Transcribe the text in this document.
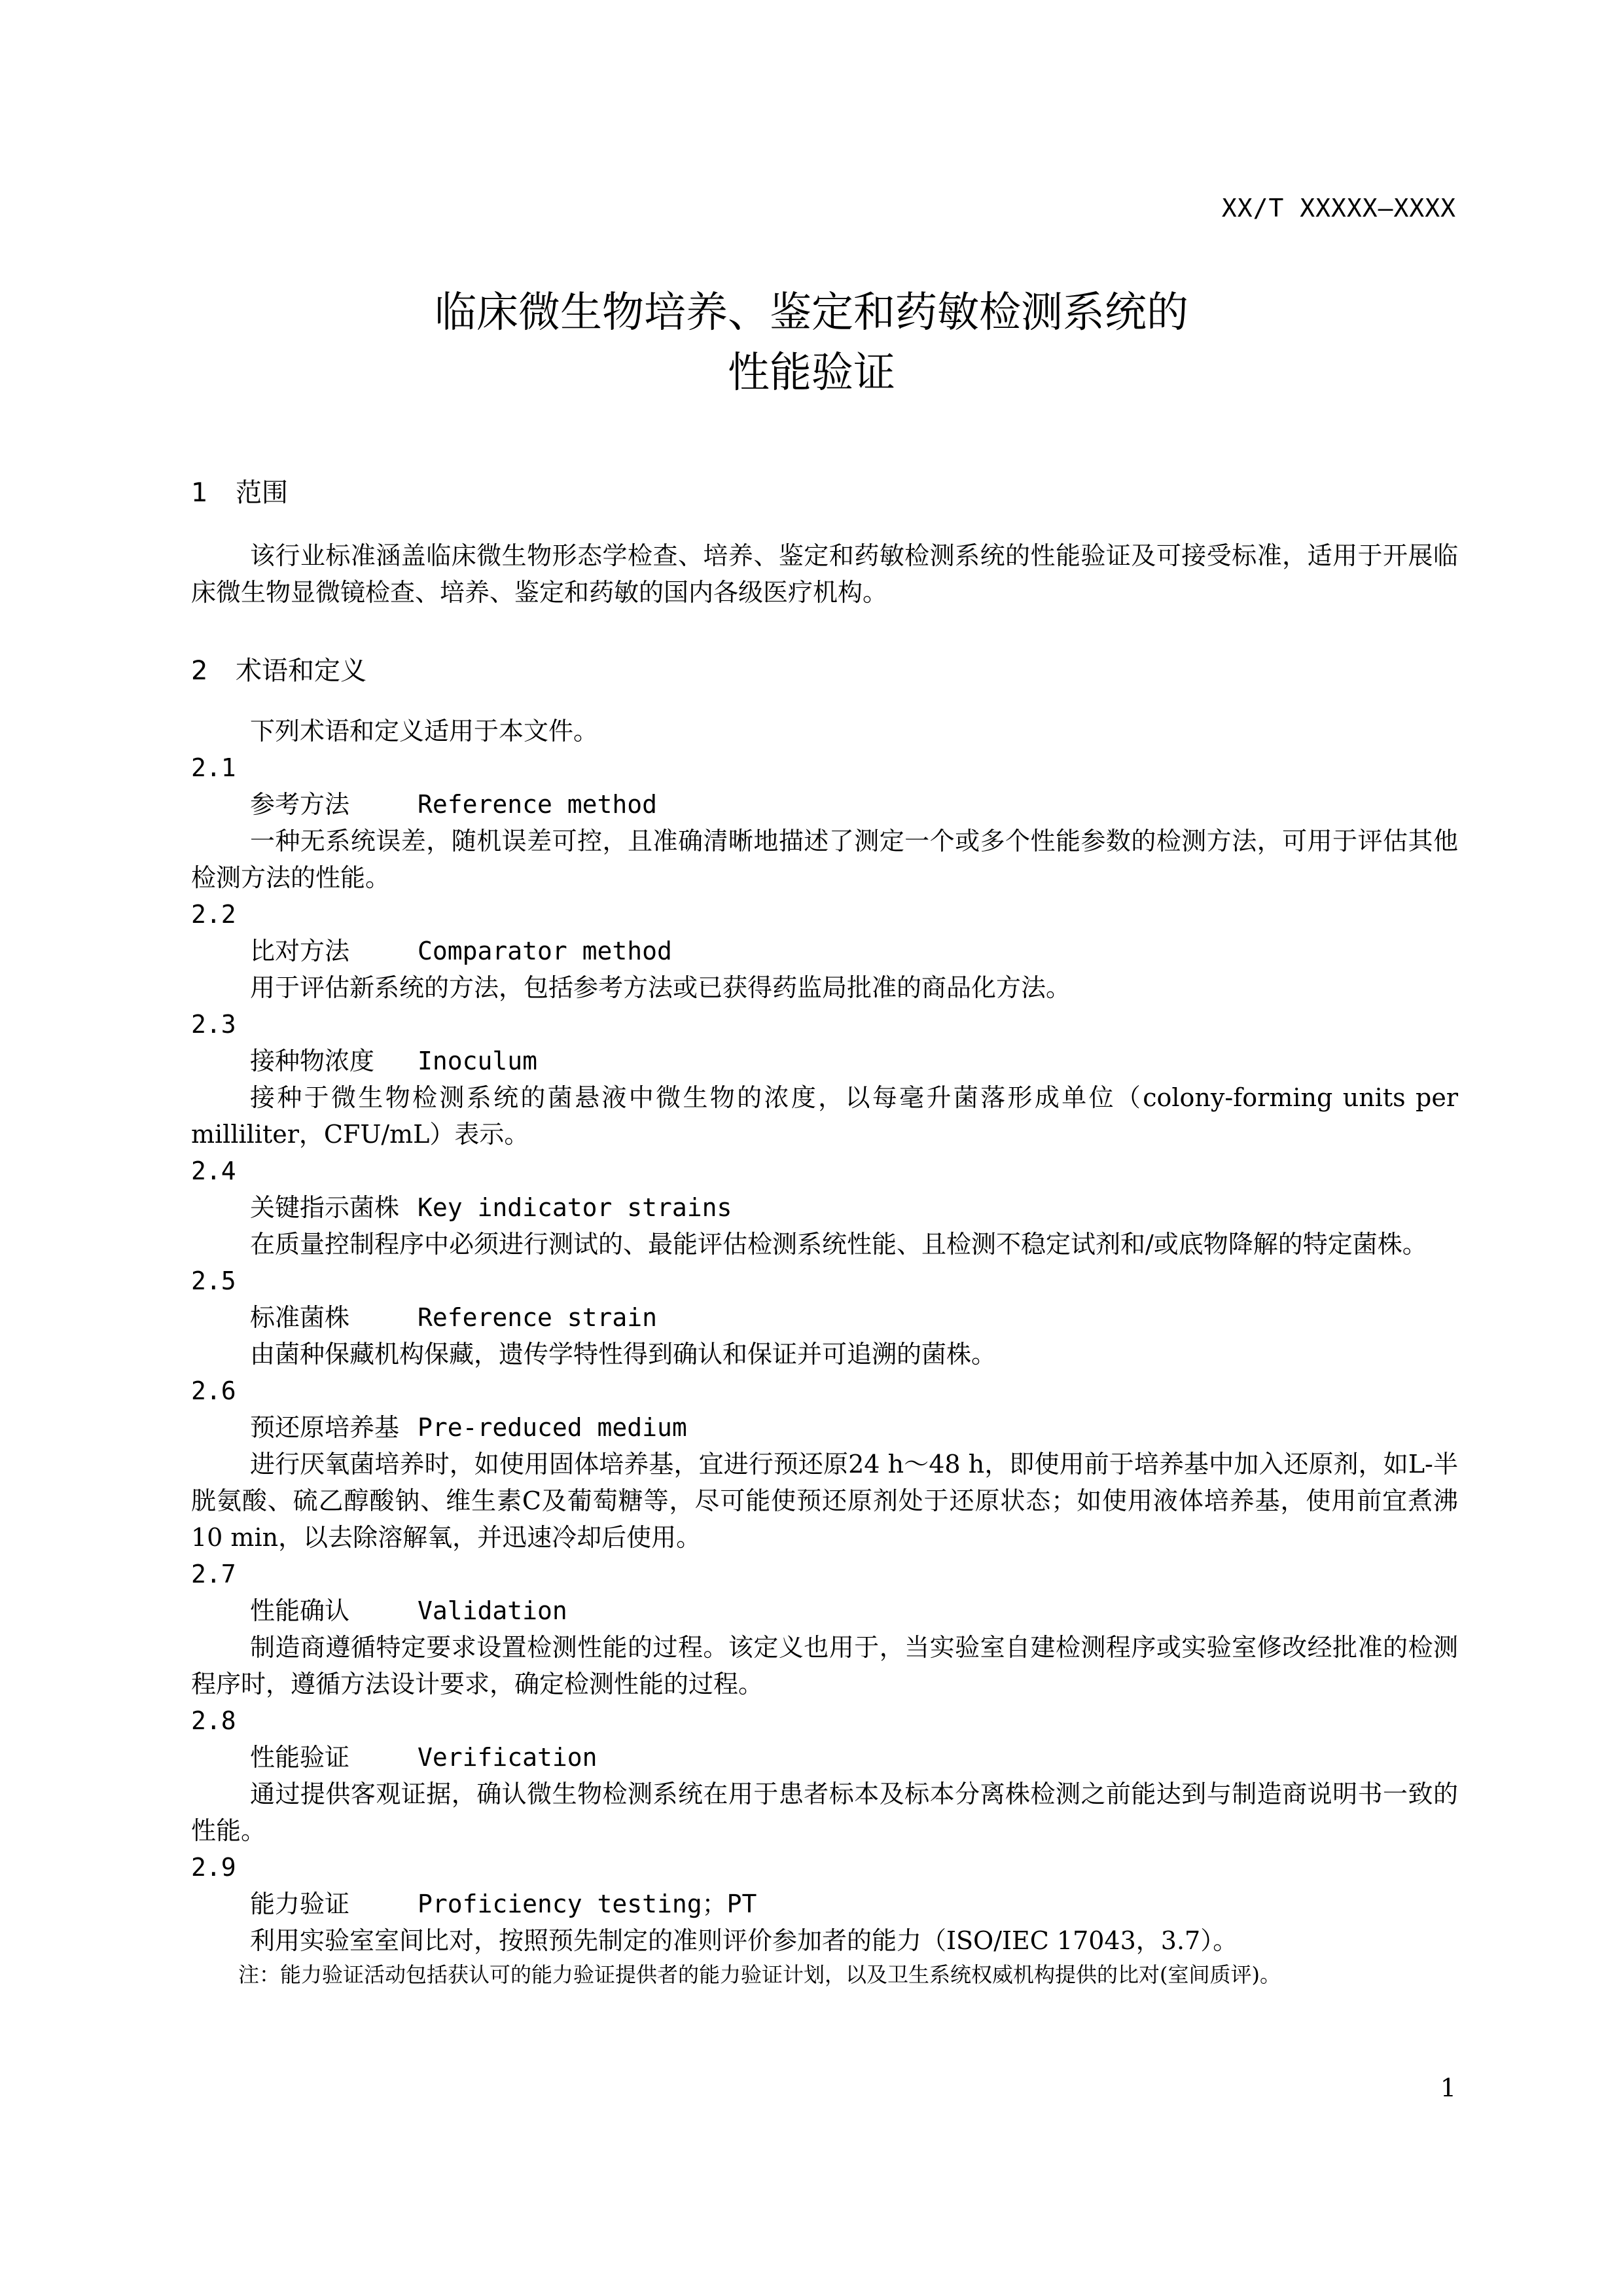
XX/T XXXXX—XXXX
临床微生物培养、鉴定和药敏检测系统的
性能验证
1 范围

该行业标准涵盖临床微生物形态学检查、培养、鉴定和药敏检测系统的性能验证及可接受标准，适用于开展临床微生物显微镜检查、培养、鉴定和药敏的国内各级医疗机构。

2 术语和定义

下列术语和定义适用于本文件。

2.1
参考方法	Reference method

一种无系统误差，随机误差可控，且准确清晰地描述了测定一个或多个性能参数的检测方法，可用于评估其他检测方法的性能。

2.2
比对方法	Comparator method

用于评估新系统的方法，包括参考方法或已获得药监局批准的商品化方法。

2.3
接种物浓度 Inoculum

接种于微生物检测系统的菌悬液中微生物的浓度，以每毫升菌落形成单位（colony-forming units per milliliter，CFU/mL）表示。

2.4
关键指示菌株 Key indicator strains

在质量控制程序中必须进行测试的、最能评估检测系统性能、且检测不稳定试剂和/或底物降解的特定菌株。

2.5
标准菌株	Reference strain

由菌种保藏机构保藏，遗传学特性得到确认和保证并可追溯的菌株。

2.6
预还原培养基 Pre-reduced medium

进行厌氧菌培养时，如使用固体培养基，宜进行预还原24 h～48 h，即使用前于培养基中加入还原剂，如L-半胱氨酸、硫乙醇酸钠、维生素C及葡萄糖等，尽可能使预还原剂处于还原状态；如使用液体培养基，使用前宜煮沸10 min，以去除溶解氧，并迅速冷却后使用。

2.7
性能确认	Validation

制造商遵循特定要求设置检测性能的过程。该定义也用于，当实验室自建检测程序或实验室修改经批准的检测程序时，遵循方法设计要求，确定检测性能的过程。

2.8
性能验证	Verification

通过提供客观证据，确认微生物检测系统在用于患者标本及标本分离株检测之前能达到与制造商说明书一致的性能。

2.9
能力验证	Proficiency testing；PT

利用实验室室间比对，按照预先制定的准则评价参加者的能力（ISO/IEC 17043，3.7）。

注：能力验证活动包括获认可的能力验证提供者的能力验证计划，以及卫生系统权威机构提供的比对(室间质评)。
1
